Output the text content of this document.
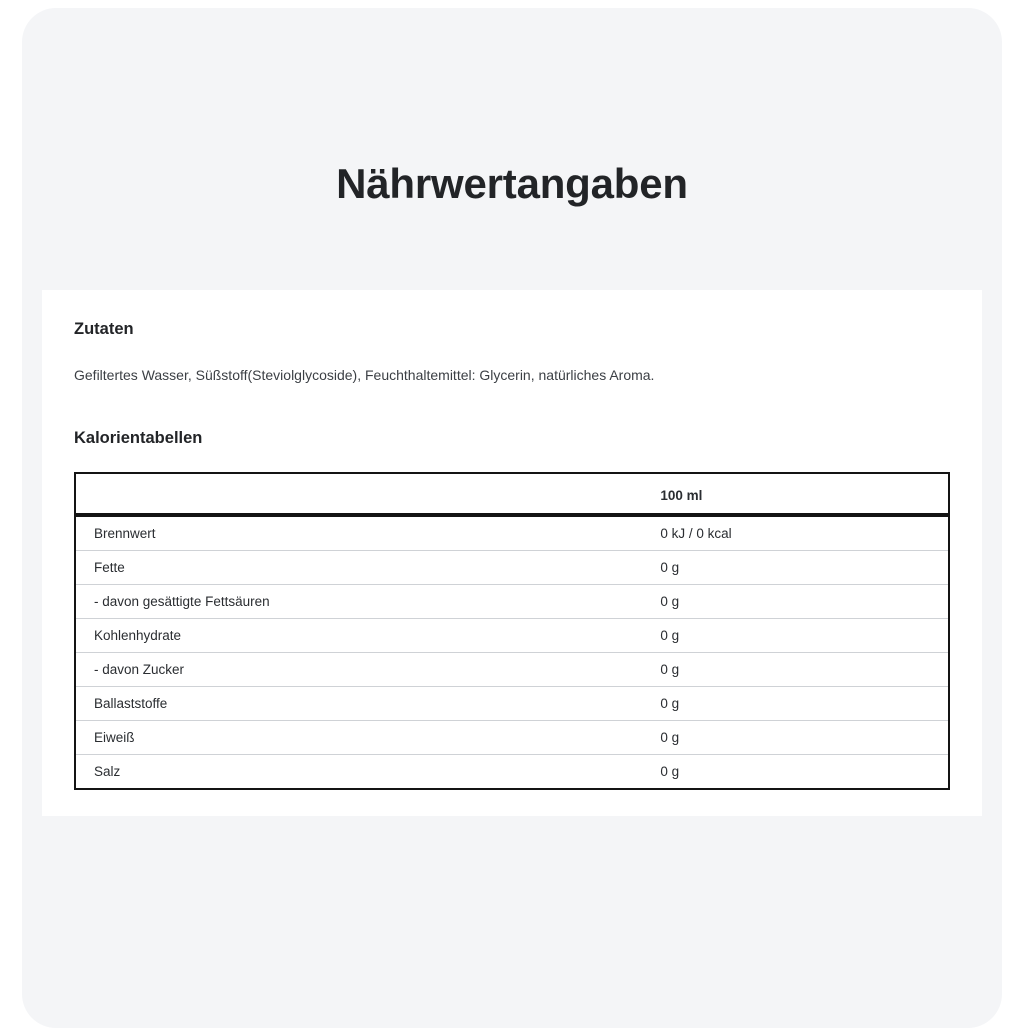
Nährwertangaben
Zutaten

Gefiltertes Wasser, Süßstoff(Steviolglycoside), Feuchthaltemittel: Glycerin, natürliches Aroma.

Kalorientabellen
	100 ml
Brennwert	0 kJ / 0 kcal
Fette	0 g
- davon gesättigte Fettsäuren	0 g
Kohlenhydrate	0 g
- davon Zucker	0 g
Ballaststoffe	0 g
Eiweiß	0 g
Salz	0 g
